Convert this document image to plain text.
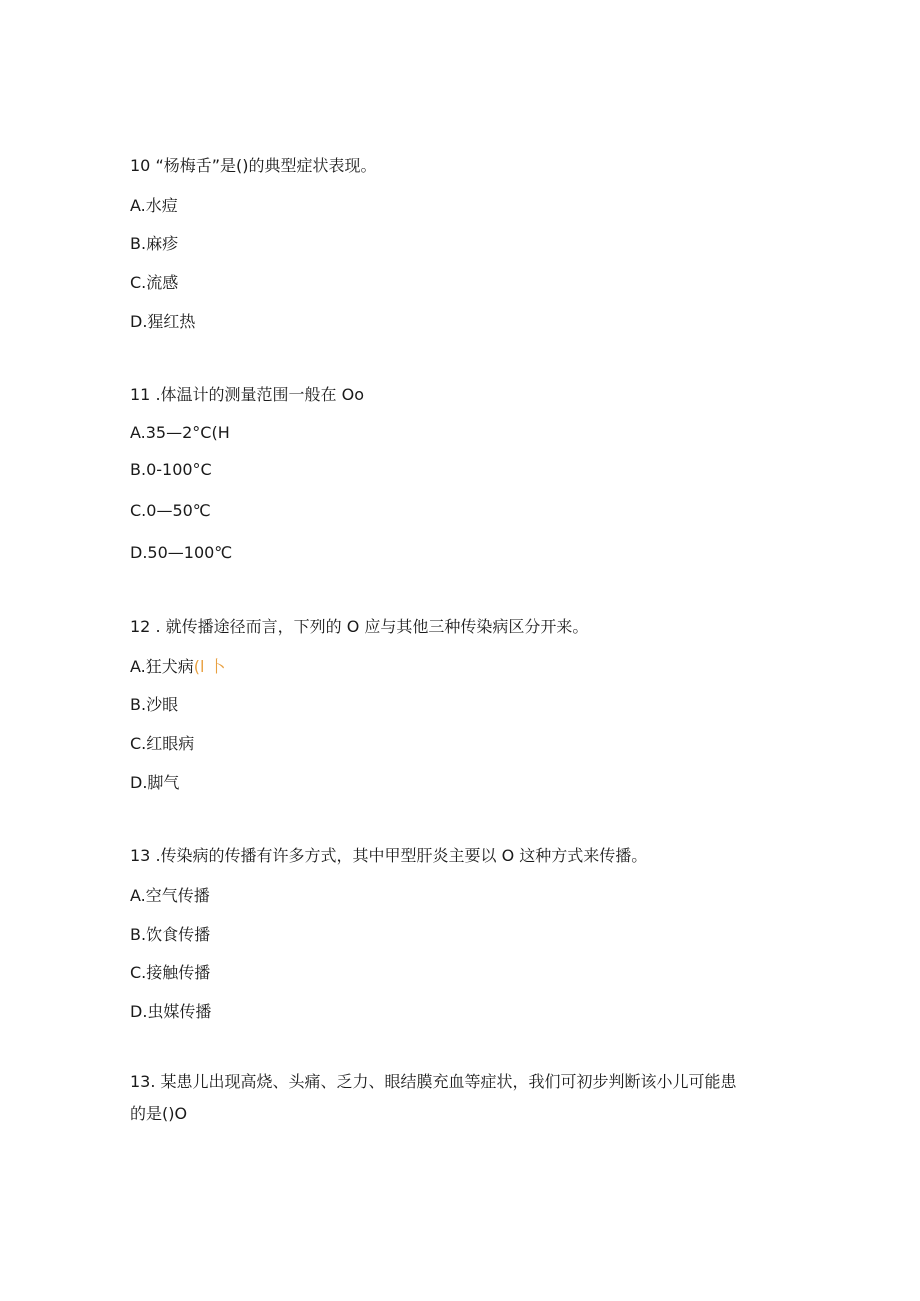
10 “杨梅舌”是()的典型症状表现。

A.水痘

B.麻疹

C.流感

D.猩红热

11 .体温计的测量范围一般在 Oo

A.35—2°C(H

B.0-100°C

C.0—50℃

D.50—100℃

12 . 就传播途径而言，下列的 O 应与其他三种传染病区分开来。

A.狂犬病(l 卜

B.沙眼

C.红眼病

D.脚气

13 .传染病的传播有许多方式，其中甲型肝炎主要以 O 这种方式来传播。

A.空气传播

B.饮食传播

C.接触传播

D.虫媒传播

13. 某患儿出现高烧、头痛、乏力、眼结膜充血等症状，我们可初步判断该小儿可能患

的是()O
